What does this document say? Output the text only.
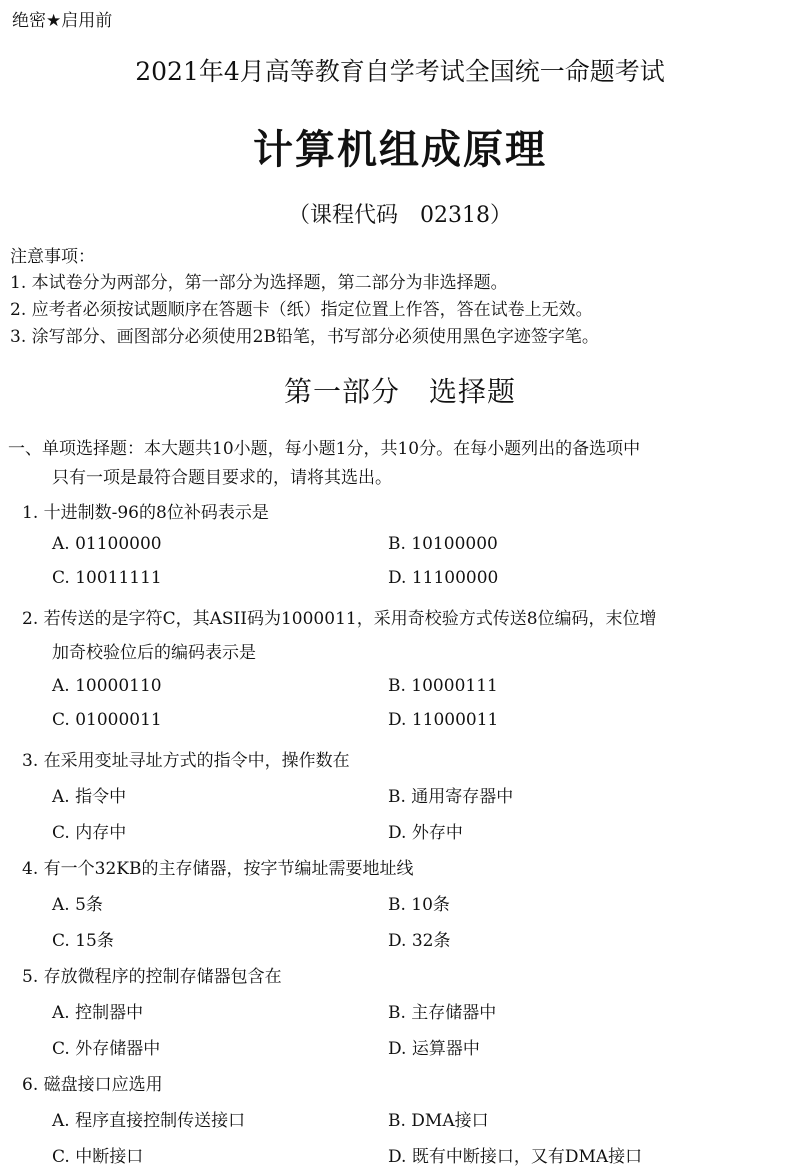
绝密★启用前
2021年4月高等教育自学考试全国统一命题考试
计算机组成原理
（课程代码　02318）
注意事项：
1. 本试卷分为两部分，第一部分为选择题，第二部分为非选择题。
2. 应考者必须按试题顺序在答题卡（纸）指定位置上作答，答在试卷上无效。
3. 涂写部分、画图部分必须使用2B铅笔，书写部分必须使用黑色字迹签字笔。
第一部分　选择题
一、单项选择题：本大题共10小题，每小题1分，共10分。在每小题列出的备选项中
只有一项是最符合题目要求的，请将其选出。
1. 十进制数-96的8位补码表示是
A. 01100000	B. 10100000
C. 10011111	D. 11100000
2. 若传送的是字符C，其ASII码为1000011，采用奇校验方式传送8位编码，末位增
加奇校验位后的编码表示是
A. 10000110	B. 10000111
C. 01000011	D. 11000011
3. 在采用变址寻址方式的指令中，操作数在
A. 指令中	B. 通用寄存器中
C. 内存中	D. 外存中
4. 有一个32KB的主存储器，按字节编址需要地址线
A. 5条	B. 10条
C. 15条	D. 32条
5. 存放微程序的控制存储器包含在
A. 控制器中	B. 主存储器中
C. 外存储器中	D. 运算器中
6. 磁盘接口应选用
A. 程序直接控制传送接口	B. DMA接口
C. 中断接口	D. 既有中断接口，又有DMA接口
